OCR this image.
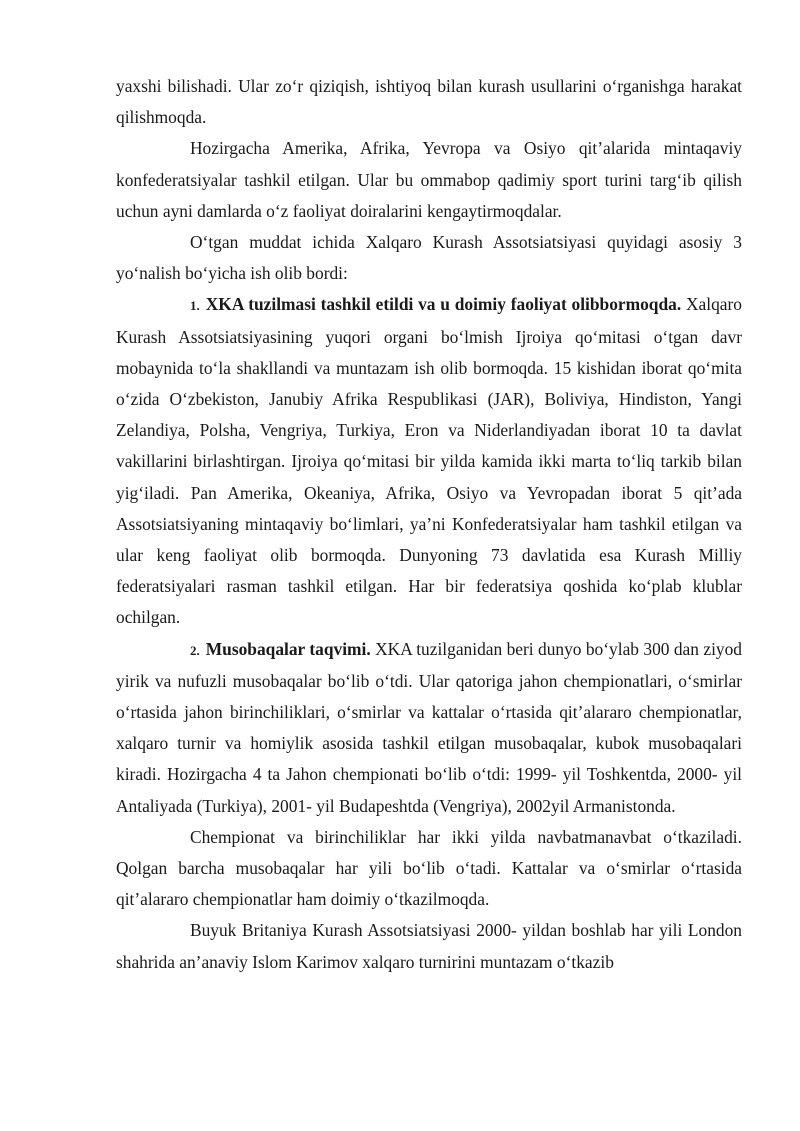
yaxshi bilishadi. Ular zo‘r qiziqish, ishtiyoq bilan kurash usullarini o‘rganishga harakat qilishmoqda.

Hozirgacha Amerika, Afrika, Yevropa va Osiyo qit’alarida mintaqaviy konfederatsiyalar tashkil etilgan. Ular bu ommabop qadimiy sport turini targ‘ib qilish uchun ayni damlarda o‘z faoliyat doiralarini kengaytirmoqdalar.

O‘tgan muddat ichida Xalqaro Kurash Assotsiatsiyasi quyidagi asosiy 3 yo‘nalish bo‘yicha ish olib bordi:

1. XKA tuzilmasi tashkil etildi va u doimiy faoliyat olibbormoqda. Xalqaro Kurash Assotsiatsiyasining yuqori organi bo‘lmish Ijroiya qo‘mitasi o‘tgan davr mobaynida to‘la shakllandi va muntazam ish olib bormoqda. 15 kishidan iborat qo‘mita o‘zida O‘zbekiston, Janubiy Afrika Respublikasi (JAR), Boliviya, Hindiston, Yangi Zelandiya, Polsha, Vengriya, Turkiya, Eron va Niderlandiyadan iborat 10 ta davlat vakillarini birlashtirgan. Ijroiya qo‘mitasi bir yilda kamida ikki marta to‘liq tarkib bilan yig‘iladi. Pan Amerika, Okeaniya, Afrika, Osiyo va Yevropadan iborat 5 qit’ada Assotsiatsiyaning mintaqaviy bo‘limlari, ya’ni Konfederatsiyalar ham tashkil etilgan va ular keng faoliyat olib bormoqda. Dunyoning 73 davlatida esa Kurash Milliy federatsiyalari rasman tashkil etilgan. Har bir federatsiya qoshida ko‘plab klublar ochilgan.

2. Musobaqalar taqvimi. XKA tuzilganidan beri dunyo bo‘ylab 300 dan ziyod yirik va nufuzli musobaqalar bo‘lib o‘tdi. Ular qatoriga jahon chempionatlari, o‘smirlar o‘rtasida jahon birinchiliklari, o‘smirlar va kattalar o‘rtasida qit’alararo chempionatlar, xalqaro turnir va homiylik asosida tashkil etilgan musobaqalar, kubok musobaqalari kiradi. Hozirgacha 4 ta Jahon chempionati bo‘lib o‘tdi: 1999- yil Toshkentda, 2000- yil Antaliyada (Turkiya), 2001- yil Budapeshtda (Vengriya), 2002yil Armanistonda.

Chempionat va birinchiliklar har ikki yilda navbatmanavbat o‘tkaziladi. Qolgan barcha musobaqalar har yili bo‘lib o‘tadi. Kattalar va o‘smirlar o‘rtasida qit’alararo chempionatlar ham doimiy o‘tkazilmoqda.

Buyuk Britaniya Kurash Assotsiatsiyasi 2000- yildan boshlab har yili London shahrida an’anaviy Islom Karimov xalqaro turnirini muntazam o‘tkazib
